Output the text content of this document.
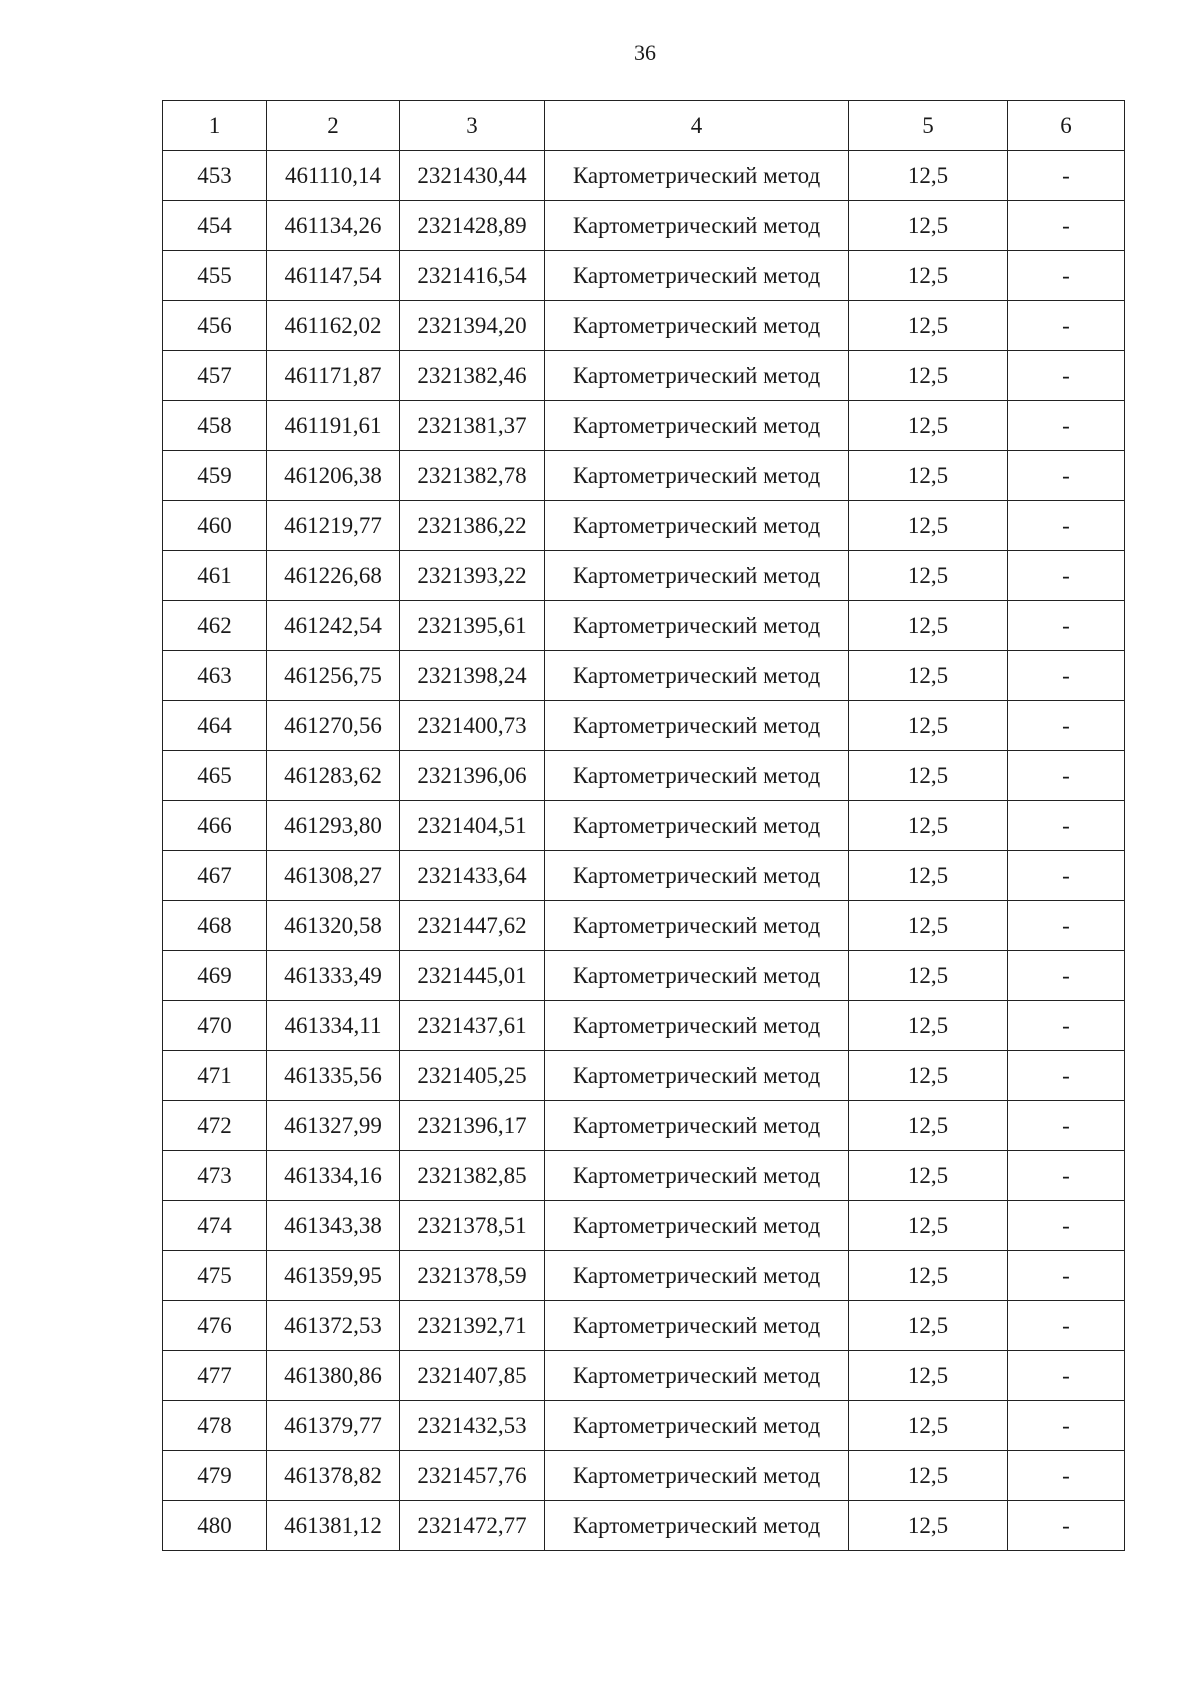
36
1	2	3	4	5	6
453	461110,14	2321430,44	Картометрический метод	12,5	-
454	461134,26	2321428,89	Картометрический метод	12,5	-
455	461147,54	2321416,54	Картометрический метод	12,5	-
456	461162,02	2321394,20	Картометрический метод	12,5	-
457	461171,87	2321382,46	Картометрический метод	12,5	-
458	461191,61	2321381,37	Картометрический метод	12,5	-
459	461206,38	2321382,78	Картометрический метод	12,5	-
460	461219,77	2321386,22	Картометрический метод	12,5	-
461	461226,68	2321393,22	Картометрический метод	12,5	-
462	461242,54	2321395,61	Картометрический метод	12,5	-
463	461256,75	2321398,24	Картометрический метод	12,5	-
464	461270,56	2321400,73	Картометрический метод	12,5	-
465	461283,62	2321396,06	Картометрический метод	12,5	-
466	461293,80	2321404,51	Картометрический метод	12,5	-
467	461308,27	2321433,64	Картометрический метод	12,5	-
468	461320,58	2321447,62	Картометрический метод	12,5	-
469	461333,49	2321445,01	Картометрический метод	12,5	-
470	461334,11	2321437,61	Картометрический метод	12,5	-
471	461335,56	2321405,25	Картометрический метод	12,5	-
472	461327,99	2321396,17	Картометрический метод	12,5	-
473	461334,16	2321382,85	Картометрический метод	12,5	-
474	461343,38	2321378,51	Картометрический метод	12,5	-
475	461359,95	2321378,59	Картометрический метод	12,5	-
476	461372,53	2321392,71	Картометрический метод	12,5	-
477	461380,86	2321407,85	Картометрический метод	12,5	-
478	461379,77	2321432,53	Картометрический метод	12,5	-
479	461378,82	2321457,76	Картометрический метод	12,5	-
480	461381,12	2321472,77	Картометрический метод	12,5	-
